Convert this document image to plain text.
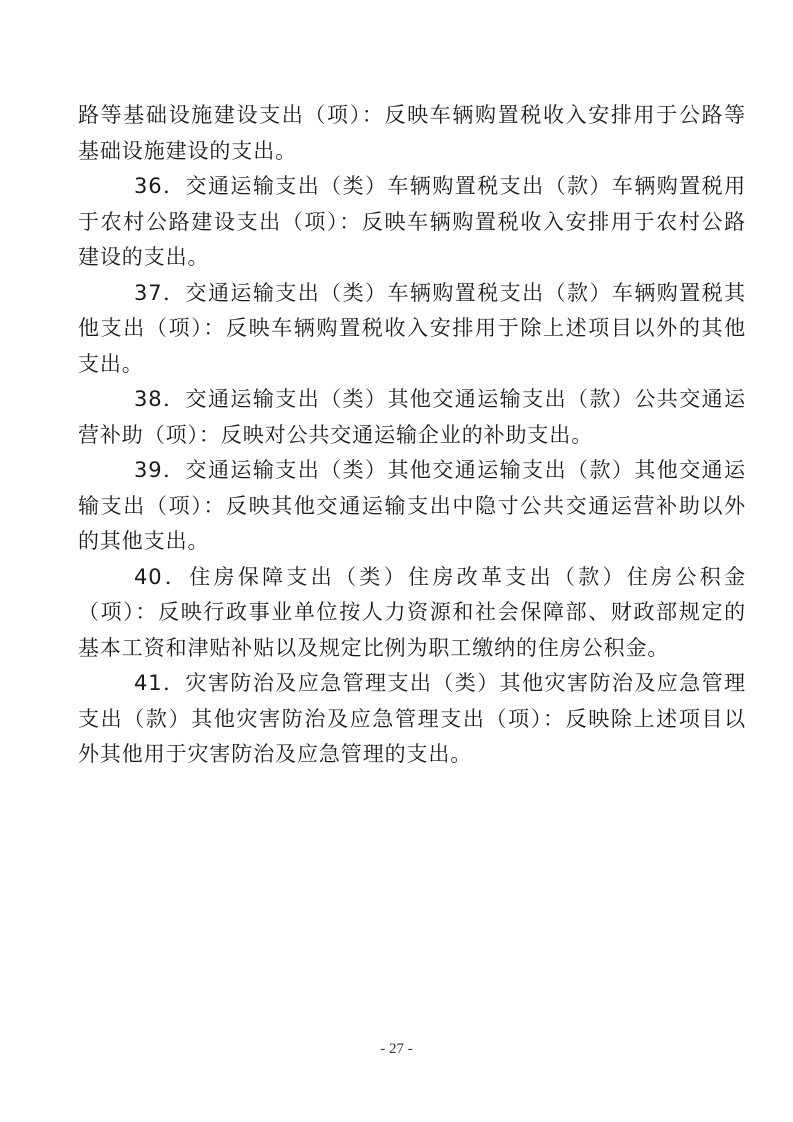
路等基础设施建设支出（项）：反映车辆购置税收入安排用于公路等基础设施建设的支出。

36．交通运输支出（类）车辆购置税支出（款）车辆购置税用于农村公路建设支出（项）：反映车辆购置税收入安排用于农村公路建设的支出。

37．交通运输支出（类）车辆购置税支出（款）车辆购置税其他支出（项）：反映车辆购置税收入安排用于除上述项目以外的其他支出。

38．交通运输支出（类）其他交通运输支出（款）公共交通运营补助（项）：反映对公共交通运输企业的补助支出。

39．交通运输支出（类）其他交通运输支出（款）其他交通运输支出（项）：反映其他交通运输支出中隐寸公共交通运营补助以外的其他支出。

40．住房保障支出（类）住房改革支出（款）住房公积金（项）：反映行政事业单位按人力资源和社会保障部、财政部规定的 基本工资和津贴补贴以及规定比例为职工缴纳的住房公积金。

41．灾害防治及应急管理支出（类）其他灾害防治及应急管理支出（款）其他灾害防治及应急管理支出（项）：反映除上述项目以外其他用于灾害防治及应急管理的支出。

- 27 -
